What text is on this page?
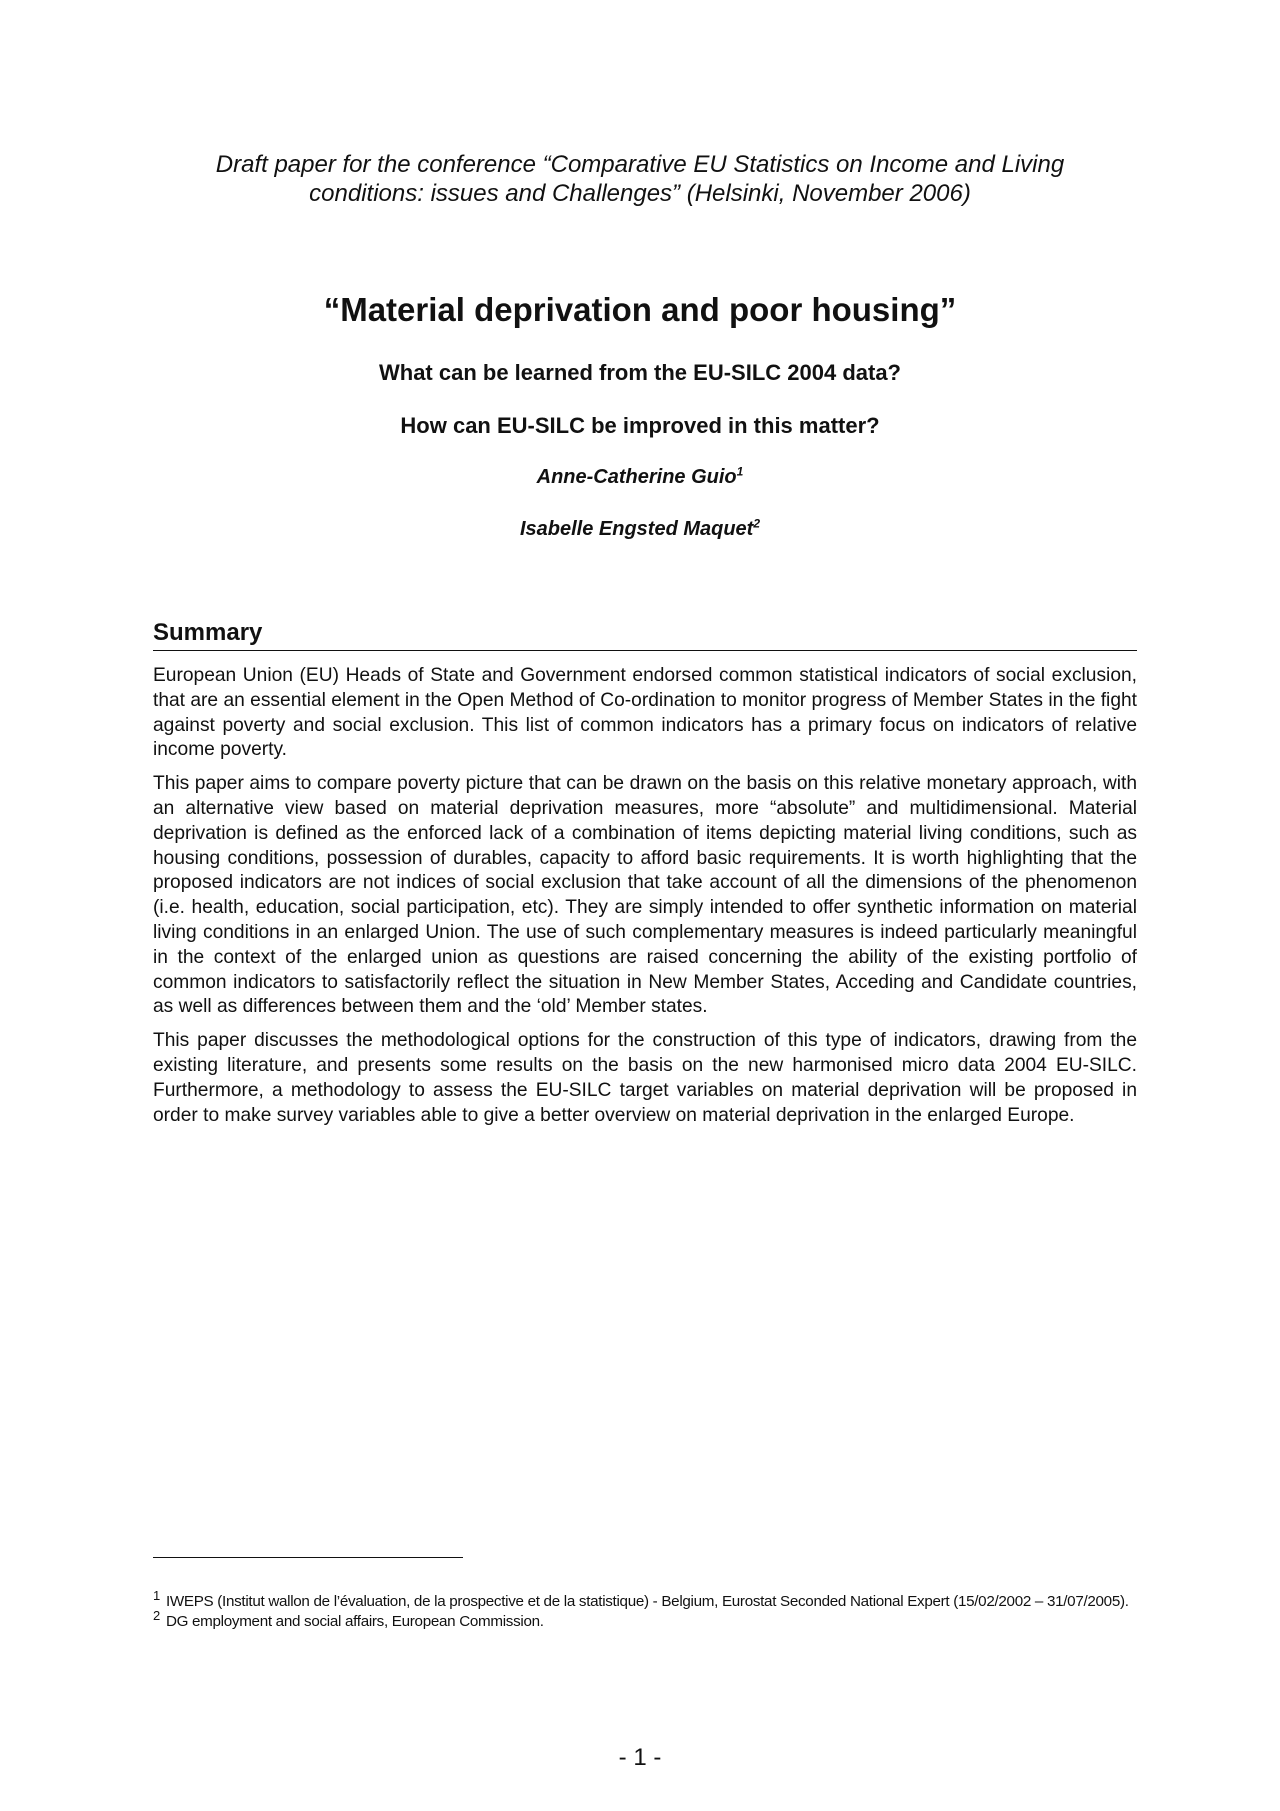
Draft paper for the conference “Comparative EU Statistics on Income and Living
conditions: issues and Challenges” (Helsinki, November 2006)
“Material deprivation and poor housing”
What can be learned from the EU-SILC 2004 data?
How can EU-SILC be improved in this matter?
Anne-Catherine Guio$^1$
Isabelle Engsted Maquet$^2$
Summary

European Union (EU) Heads of State and Government endorsed common statistical indicators of social exclusion, that are an essential element in the Open Method of Co-ordination to monitor progress of Member States in the fight against poverty and social exclusion. This list of common indicators has a primary focus on indicators of relative income poverty.

This paper aims to compare poverty picture that can be drawn on the basis on this relative monetary approach, with an alternative view based on material deprivation measures, more “absolute” and multidimensional. Material deprivation is defined as the enforced lack of a combination of items depicting material living conditions, such as housing conditions, possession of durables, capacity to afford basic requirements. It is worth highlighting that the proposed indicators are not indices of social exclusion that take account of all the dimensions of the phenomenon (i.e. health, education, social participation, etc). They are simply intended to offer synthetic information on material living conditions in an enlarged Union. The use of such complementary measures is indeed particularly meaningful in the context of the enlarged union as questions are raised concerning the ability of the existing portfolio of common indicators to satisfactorily reflect the situation in New Member States, Acceding and Candidate countries, as well as differences between them and the ‘old’ Member states.

This paper discusses the methodological options for the construction of this type of indicators, drawing from the existing literature, and presents some results on the basis on the new harmonised micro data 2004 EU-SILC. Furthermore, a methodology to assess the EU-SILC target variables on material deprivation will be proposed in order to make survey variables able to give a better overview on material deprivation in the enlarged Europe.

1 IWEPS (Institut wallon de l’évaluation, de la prospective et de la statistique) - Belgium, Eurostat Seconded National Expert (15/02/2002 – 31/07/2005).

2 DG employment and social affairs, European Commission.

- 1 -
